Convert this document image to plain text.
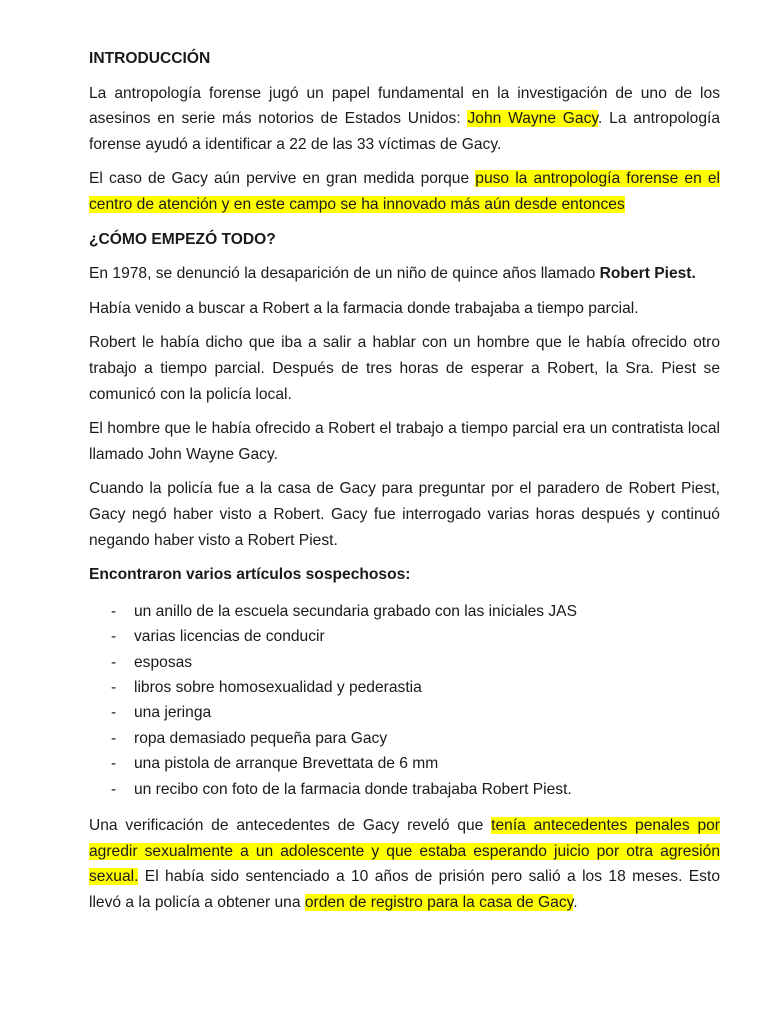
INTRODUCCIÓN

La antropología forense jugó un papel fundamental en la investigación de uno de los asesinos en serie más notorios de Estados Unidos: John Wayne Gacy. La antropología forense ayudó a identificar a 22 de las 33 víctimas de Gacy.

El caso de Gacy aún pervive en gran medida porque puso la antropología forense en el centro de atención y en este campo se ha innovado más aún desde entonces

¿CÓMO EMPEZÓ TODO?

En 1978, se denunció la desaparición de un niño de quince años llamado Robert Piest.

Había venido a buscar a Robert a la farmacia donde trabajaba a tiempo parcial.

Robert le había dicho que iba a salir a hablar con un hombre que le había ofrecido otro trabajo a tiempo parcial. Después de tres horas de esperar a Robert, la Sra. Piest se comunicó con la policía local.

El hombre que le había ofrecido a Robert el trabajo a tiempo parcial era un contratista local llamado John Wayne Gacy.

Cuando la policía fue a la casa de Gacy para preguntar por el paradero de Robert Piest, Gacy negó haber visto a Robert. Gacy fue interrogado varias horas después y continuó negando haber visto a Robert Piest.

Encontraron varios artículos sospechosos:

- un anillo de la escuela secundaria grabado con las iniciales JAS
- varias licencias de conducir
- esposas
- libros sobre homosexualidad y pederastia
- una jeringa
- ropa demasiado pequeña para Gacy
- una pistola de arranque Brevettata de 6 mm
- un recibo con foto de la farmacia donde trabajaba Robert Piest.

Una verificación de antecedentes de Gacy reveló que tenía antecedentes penales por agredir sexualmente a un adolescente y que estaba esperando juicio por otra agresión sexual. El había sido sentenciado a 10 años de prisión pero salió a los 18 meses. Esto llevó a la policía a obtener una orden de registro para la casa de Gacy.
